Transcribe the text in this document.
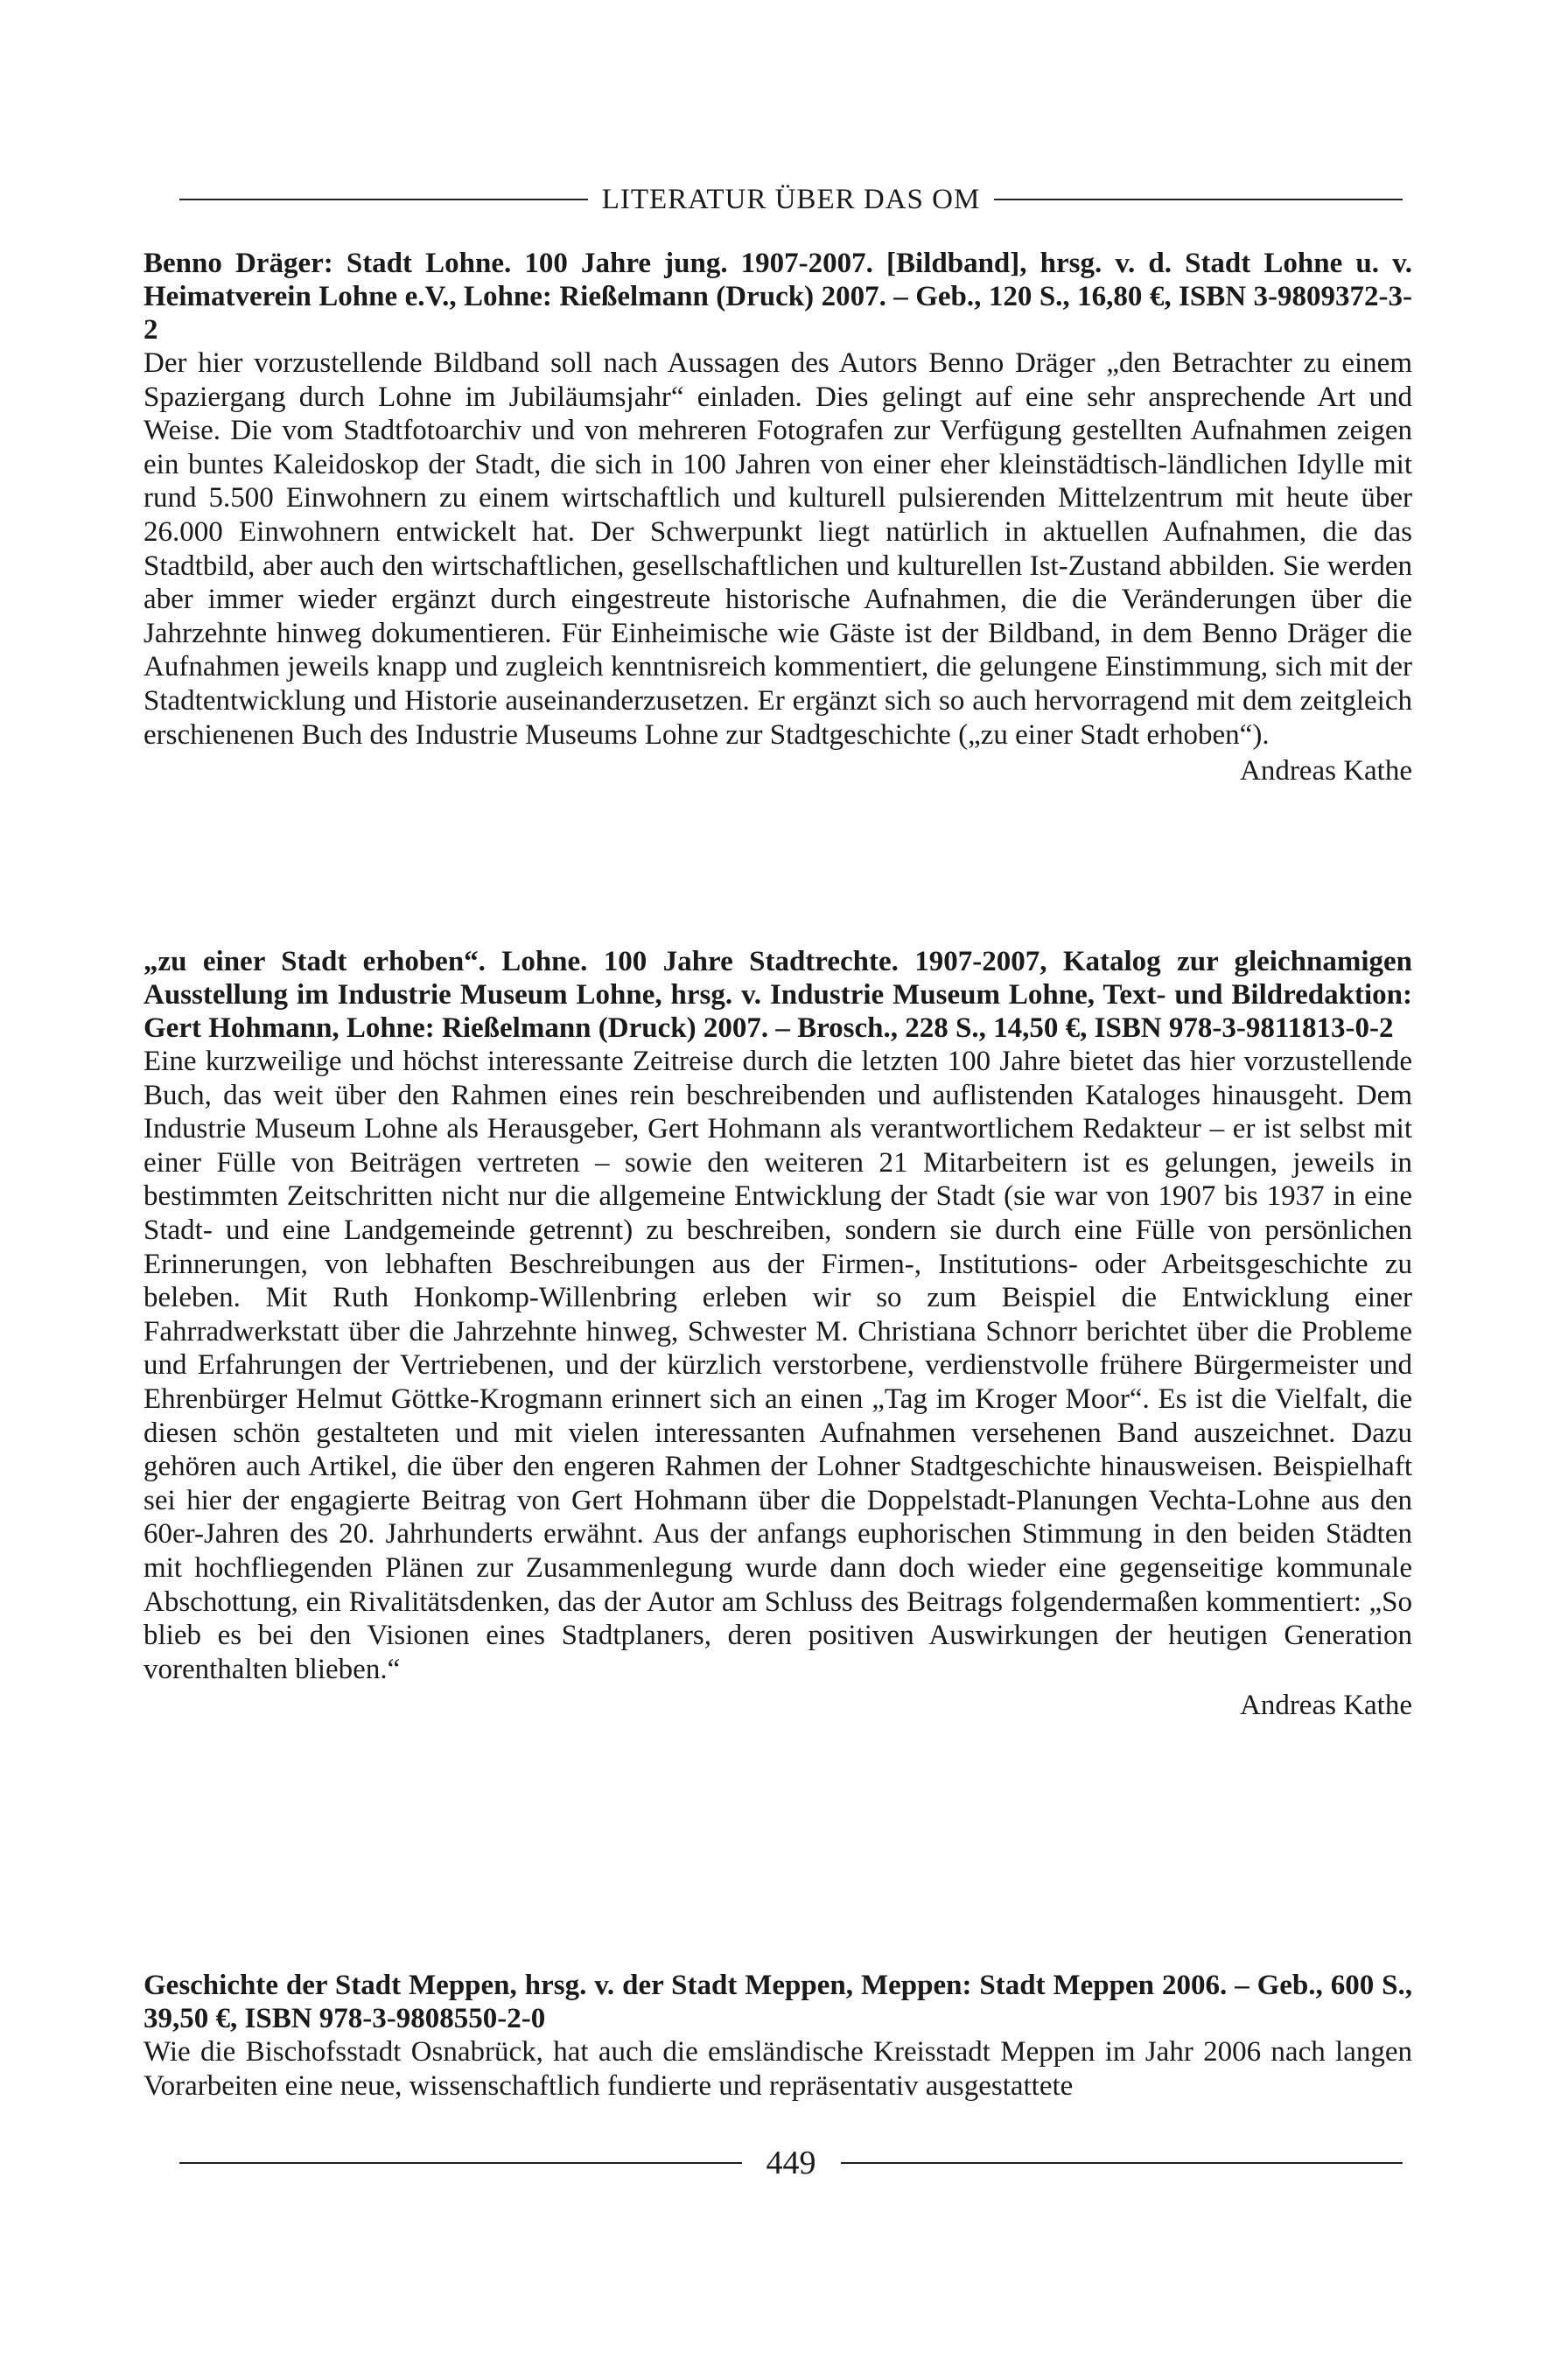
LITERATUR ÜBER DAS OM

Benno Dräger: Stadt Lohne. 100 Jahre jung. 1907-2007. [Bildband], hrsg. v. d. Stadt Lohne u. v. Heimatverein Lohne e.V., Lohne: Rießelmann (Druck) 2007. – Geb., 120 S., 16,80 €, ISBN 3-9809372-3-2

Der hier vorzustellende Bildband soll nach Aussagen des Autors Benno Dräger „den Betrachter zu einem Spaziergang durch Lohne im Jubiläumsjahr“ einladen. Dies gelingt auf eine sehr ansprechende Art und Weise. Die vom Stadtfotoarchiv und von mehreren Fotografen zur Verfügung gestellten Aufnahmen zeigen ein buntes Kaleidoskop der Stadt, die sich in 100 Jahren von einer eher kleinstädtisch-ländlichen Idylle mit rund 5.500 Einwohnern zu einem wirtschaftlich und kulturell pulsierenden Mittelzentrum mit heute über 26.000 Einwohnern entwickelt hat. Der Schwerpunkt liegt natürlich in aktuellen Aufnahmen, die das Stadtbild, aber auch den wirtschaftlichen, gesellschaftlichen und kulturellen Ist-Zustand abbilden. Sie werden aber immer wieder ergänzt durch eingestreute historische Aufnahmen, die die Veränderungen über die Jahrzehnte hinweg dokumentieren. Für Einheimische wie Gäste ist der Bildband, in dem Benno Dräger die Aufnahmen jeweils knapp und zugleich kenntnisreich kommentiert, die gelungene Einstimmung, sich mit der Stadtentwicklung und Historie auseinanderzusetzen. Er ergänzt sich so auch hervorragend mit dem zeitgleich erschienenen Buch des Industrie Museums Lohne zur Stadtgeschichte („zu einer Stadt erhoben“).

Andreas Kathe

„zu einer Stadt erhoben“. Lohne. 100 Jahre Stadtrechte. 1907-2007, Katalog zur gleichnamigen Ausstellung im Industrie Museum Lohne, hrsg. v. Industrie Museum Lohne, Text- und Bildredaktion: Gert Hohmann, Lohne: Rießelmann (Druck) 2007. – Brosch., 228 S., 14,50 €, ISBN 978-3-9811813-0-2

Eine kurzweilige und höchst interessante Zeitreise durch die letzten 100 Jahre bietet das hier vorzustellende Buch, das weit über den Rahmen eines rein beschreibenden und auflistenden Kataloges hinausgeht. Dem Industrie Museum Lohne als Herausgeber, Gert Hohmann als verantwortlichem Redakteur – er ist selbst mit einer Fülle von Beiträgen vertreten – sowie den weiteren 21 Mitarbeitern ist es gelungen, jeweils in bestimmten Zeitschritten nicht nur die allgemeine Entwicklung der Stadt (sie war von 1907 bis 1937 in eine Stadt- und eine Landgemeinde getrennt) zu beschreiben, sondern sie durch eine Fülle von persönlichen Erinnerungen, von lebhaften Beschreibungen aus der Firmen-, Institutions- oder Arbeitsgeschichte zu beleben. Mit Ruth Honkomp-Willenbring erleben wir so zum Beispiel die Entwicklung einer Fahrradwerkstatt über die Jahrzehnte hinweg, Schwester M. Christiana Schnorr berichtet über die Probleme und Erfahrungen der Vertriebenen, und der kürzlich verstorbene, verdienstvolle frühere Bürgermeister und Ehrenbürger Helmut Göttke-Krogmann erinnert sich an einen „Tag im Kroger Moor“. Es ist die Vielfalt, die diesen schön gestalteten und mit vielen interessanten Aufnahmen versehenen Band auszeichnet. Dazu gehören auch Artikel, die über den engeren Rahmen der Lohner Stadtgeschichte hinausweisen. Beispielhaft sei hier der engagierte Beitrag von Gert Hohmann über die Doppelstadt-Planungen Vechta-Lohne aus den 60er-Jahren des 20. Jahrhunderts erwähnt. Aus der anfangs euphorischen Stimmung in den beiden Städten mit hochfliegenden Plänen zur Zusammenlegung wurde dann doch wieder eine gegenseitige kommunale Abschottung, ein Rivalitätsdenken, das der Autor am Schluss des Beitrags folgendermaßen kommentiert: „So blieb es bei den Visionen eines Stadtplaners, deren positiven Auswirkungen der heutigen Generation vorenthalten blieben.“

Andreas Kathe

Geschichte der Stadt Meppen, hrsg. v. der Stadt Meppen, Meppen: Stadt Meppen 2006. – Geb., 600 S., 39,50 €, ISBN 978-3-9808550-2-0

Wie die Bischofsstadt Osnabrück, hat auch die emsländische Kreisstadt Meppen im Jahr 2006 nach langen Vorarbeiten eine neue, wissenschaftlich fundierte und repräsentativ ausgestattete

449
